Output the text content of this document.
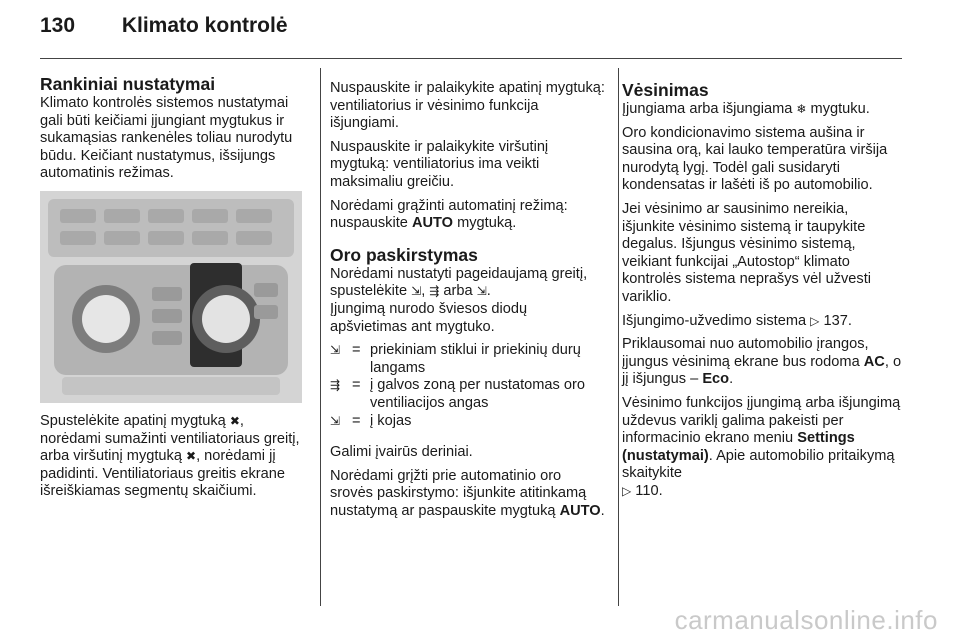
130 Klimato kontrolė
Rankiniai nustatymai

Klimato kontrolės sistemos nustatymai gali būti keičiami įjungiant mygtukus ir sukamąsias rankenėles toliau nurodytu būdu. Keičiant nustatymus, išsijungs automatinis režimas.

Spustelėkite apatinį mygtuką ✖, norėdami sumažinti ventiliatoriaus greitį, arba viršutinį mygtuką ✖, norėdami jį padidinti. Ventiliatoriaus greitis ekrane išreiškiamas segmentų skaičiumi.

Nuspauskite ir palaikykite apatinį mygtuką: ventiliatorius ir vėsinimo funkcija išjungiami.

Nuspauskite ir palaikykite viršutinį mygtuką: ventiliatorius ima veikti maksimaliu greičiu.

Norėdami grąžinti automatinį režimą: nuspauskite AUTO mygtuką.

Oro paskirstymas

Norėdami nustatyti pageidaujamą greitį, spustelėkite ⇲, ⇶ arba ⇲.

Įjungimą nurodo šviesos diodų apšvietimas ant mygtuko.

⇲ = priekiniam stiklui ir priekinių durų langams
⇶ = į galvos zoną per nustatomas oro ventiliacijos angas
⇲ = į kojas

Galimi įvairūs deriniai.

Norėdami grįžti prie automatinio oro srovės paskirstymo: išjunkite atitinkamą nustatymą ar paspauskite mygtuką AUTO.

Vėsinimas

Įjungiama arba išjungiama ❄ mygtuku.

Oro kondicionavimo sistema aušina ir sausina orą, kai lauko temperatūra viršija nurodytą lygį. Todėl gali susidaryti kondensatas ir lašėti iš po automobilio.

Jei vėsinimo ar sausinimo nereikia, išjunkite vėsinimo sistemą ir taupykite degalus. Išjungus vėsinimo sistemą, veikiant funkcijai „Autostop“ klimato kontrolės sistema neprašys vėl užvesti variklio.

Išjungimo-užvedimo sistema ▷ 137.

Priklausomai nuo automobilio įrangos, įjungus vėsinimą ekrane bus rodoma AC, o jį išjungus – Eco.

Vėsinimo funkcijos įjungimą arba išjungimą uždevus variklį galima pakeisti per informacinio ekrano meniu Settings (nustatymai). Apie automobilio pritaikymą skaitykite
▷ 110.

carmanualsonline.info
